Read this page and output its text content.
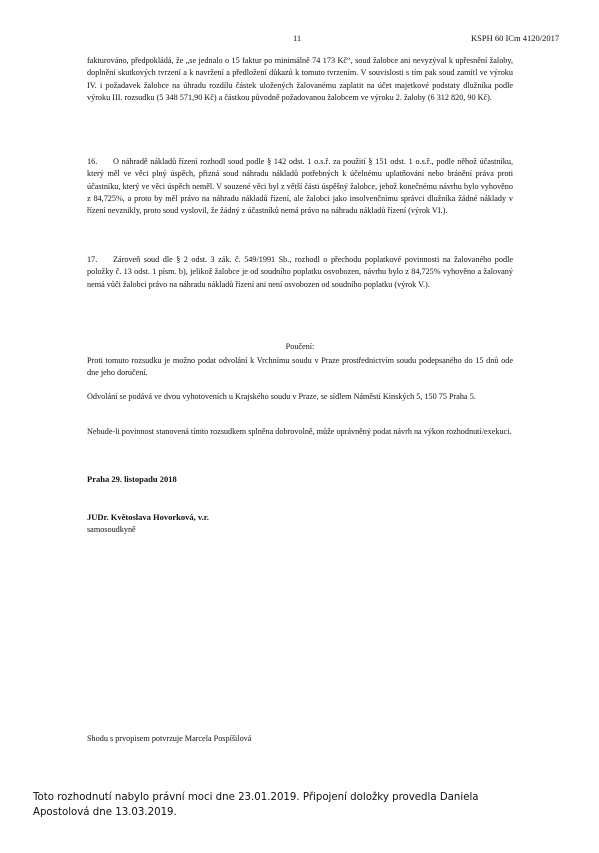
11	KSPH 60 ICm 4120/2017

fakturováno, předpokládá, že „se jednalo o 15 faktur po minimálně 74 173 Kč“, soud žalobce ani nevyzýval k upřesnění žaloby, doplnění skutkových tvrzení a k navržení a předložení důkazů k tomuto tvrzením. V souvislosti s tím pak soud zamítl ve výroku IV. i požadavek žalobce na úhradu rozdílu částek uložených žalovanému zaplatit na účet majetkové podstaty dlužníka podle výroku III. rozsudku (5 348 571,90 Kč) a částkou původně požadovanou žalobcem ve výroku 2. žaloby (6 312 820, 90 Kč).

16. O náhradě nákladů řízení rozhodl soud podle § 142 odst. 1 o.s.ř. za použití § 151 odst. 1 o.s.ř., podle něhož účastníku, který měl ve věci plný úspěch, přizná soud náhradu nákladů potřebných k účelnému uplatňování nebo bránění práva proti účastníku, který ve věci úspěch neměl. V souzené věci byl z větší části úspěšný žalobce, jehož konečnému návrhu bylo vyhověno z 84,725%, a proto by měl právo na náhradu nákladů řízení, ale žalobci jako insolvenčnímu správci dlužníka žádné náklady v řízení nevznikly, proto soud vyslovil, že žádný z účastníků nemá právo na náhradu nákladů řízení (výrok VI.).

17. Zároveň soud dle § 2 odst. 3 zák. č. 549/1991 Sb., rozhodl o přechodu poplatkové povinnosti na žalovaného podle položky č. 13 odst. 1 písm. b), jelikož žalobce je od soudního poplatku osvobozen, návrhu bylo z 84,725% vyhověno a žalovaný nemá vůči žalobci právo na náhradu nákladů řízení ani není osvobozen od soudního poplatku (výrok V.).

Poučení:
Proti tomuto rozsudku je možno podat odvolání k Vrchnímu soudu v Praze prostřednictvím soudu podepsaného do 15 dnů ode dne jeho doručení.
Odvolání se podává ve dvou vyhotoveních u Krajského soudu v Praze, se sídlem Náměstí Kinských 5, 150 75 Praha 5.
Nebude-li povinnost stanovená tímto rozsudkem splněna dobrovolně, může oprávněný podat návrh na výkon rozhodnutí/exekuci.
Praha 29. listopadu 2018
JUDr. Květoslava Hovorková, v.r.
samosoudkyně
Shodu s prvopisem potvrzuje Marcela Pospíšilová
Toto rozhodnutí nabylo právní moci dne 23.01.2019. Připojení doložky provedla Daniela Apostolová dne 13.03.2019.
